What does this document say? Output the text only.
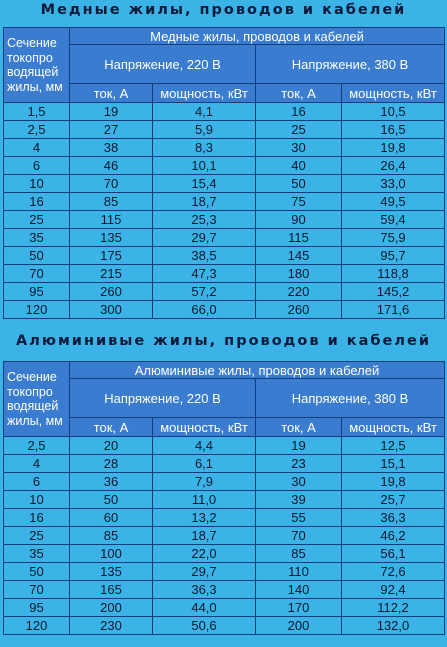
Медные жилы, проводов и кабелей
Сечение токопро водящей жилы, мм	Медные жилы, проводов и кабелей			
	Напряжение, 220 В		Напряжение, 380 В	
	ток, А	мощность, кВт	ток, А	мощность, кВт
1,5	19	4,1	16	10,5
2,5	27	5,9	25	16,5
4	38	8,3	30	19,8
6	46	10,1	40	26,4
10	70	15,4	50	33,0
16	85	18,7	75	49,5
25	115	25,3	90	59,4
35	135	29,7	115	75,9
50	175	38,5	145	95,7
70	215	47,3	180	118,8
95	260	57,2	220	145,2
120	300	66,0	260	171,6
Алюминивые жилы, проводов и кабелей
Сечение токопро водящей жилы, мм	Алюминивые жилы, проводов и кабелей			
	Напряжение, 220 В		Напряжение, 380 В	
	ток, А	мощность, кВт	ток, А	мощность, кВт
2,5	20	4,4	19	12,5
4	28	6,1	23	15,1
6	36	7,9	30	19,8
10	50	11,0	39	25,7
16	60	13,2	55	36,3
25	85	18,7	70	46,2
35	100	22,0	85	56,1
50	135	29,7	110	72,6
70	165	36,3	140	92,4
95	200	44,0	170	112,2
120	230	50,6	200	132,0
